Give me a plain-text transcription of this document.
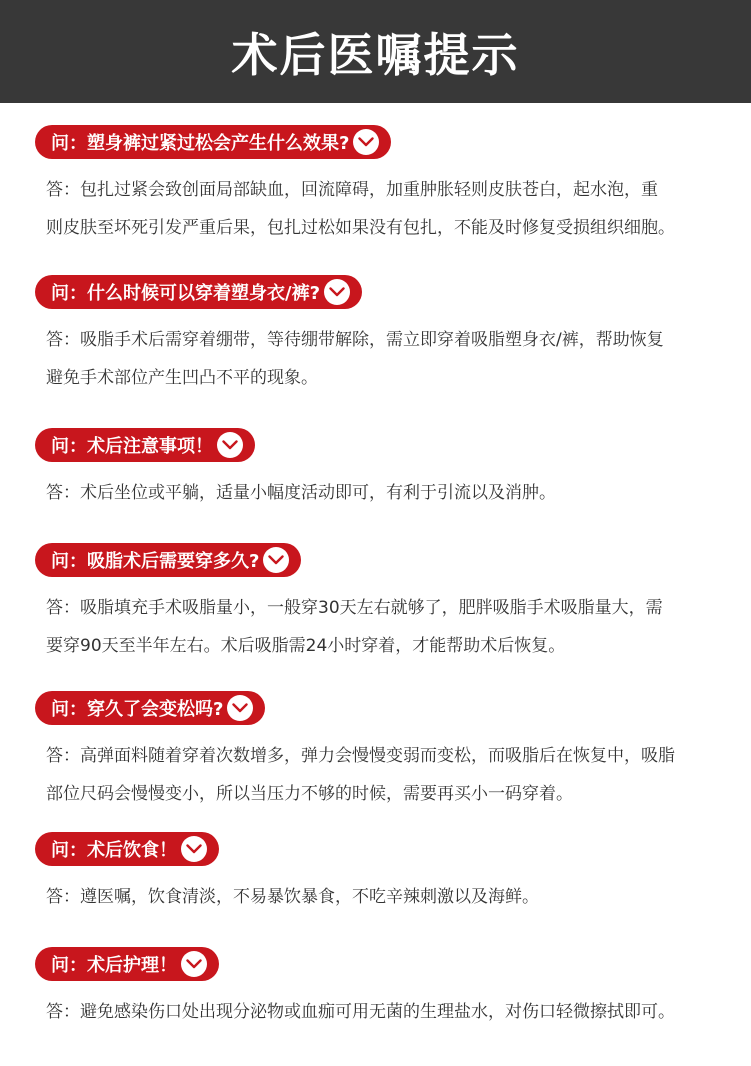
术后医嘱提示
问：塑身裤过紧过松会产生什么效果?
答：包扎过紧会致创面局部缺血，回流障碍，加重肿胀轻则皮肤苍白，起水泡，重
则皮肤至坏死引发严重后果，包扎过松如果没有包扎，不能及时修复受损组织细胞。
问：什么时候可以穿着塑身衣/裤?
答：吸脂手术后需穿着绷带，等待绷带解除，需立即穿着吸脂塑身衣/裤，帮助恢复
避免手术部位产生凹凸不平的现象。
问：术后注意事项！
答：术后坐位或平躺，适量小幅度活动即可，有利于引流以及消肿。
问：吸脂术后需要穿多久?
答：吸脂填充手术吸脂量小，一般穿30天左右就够了，肥胖吸脂手术吸脂量大，需
要穿90天至半年左右。术后吸脂需24小时穿着，才能帮助术后恢复。
问：穿久了会变松吗?
答：高弹面料随着穿着次数增多，弹力会慢慢变弱而变松，而吸脂后在恢复中，吸脂
部位尺码会慢慢变小，所以当压力不够的时候，需要再买小一码穿着。
问：术后饮食！
答：遵医嘱，饮食清淡，不易暴饮暴食，不吃辛辣刺激以及海鲜。
问：术后护理！
答：避免感染伤口处出现分泌物或血痂可用无菌的生理盐水，对伤口轻微擦拭即可。
